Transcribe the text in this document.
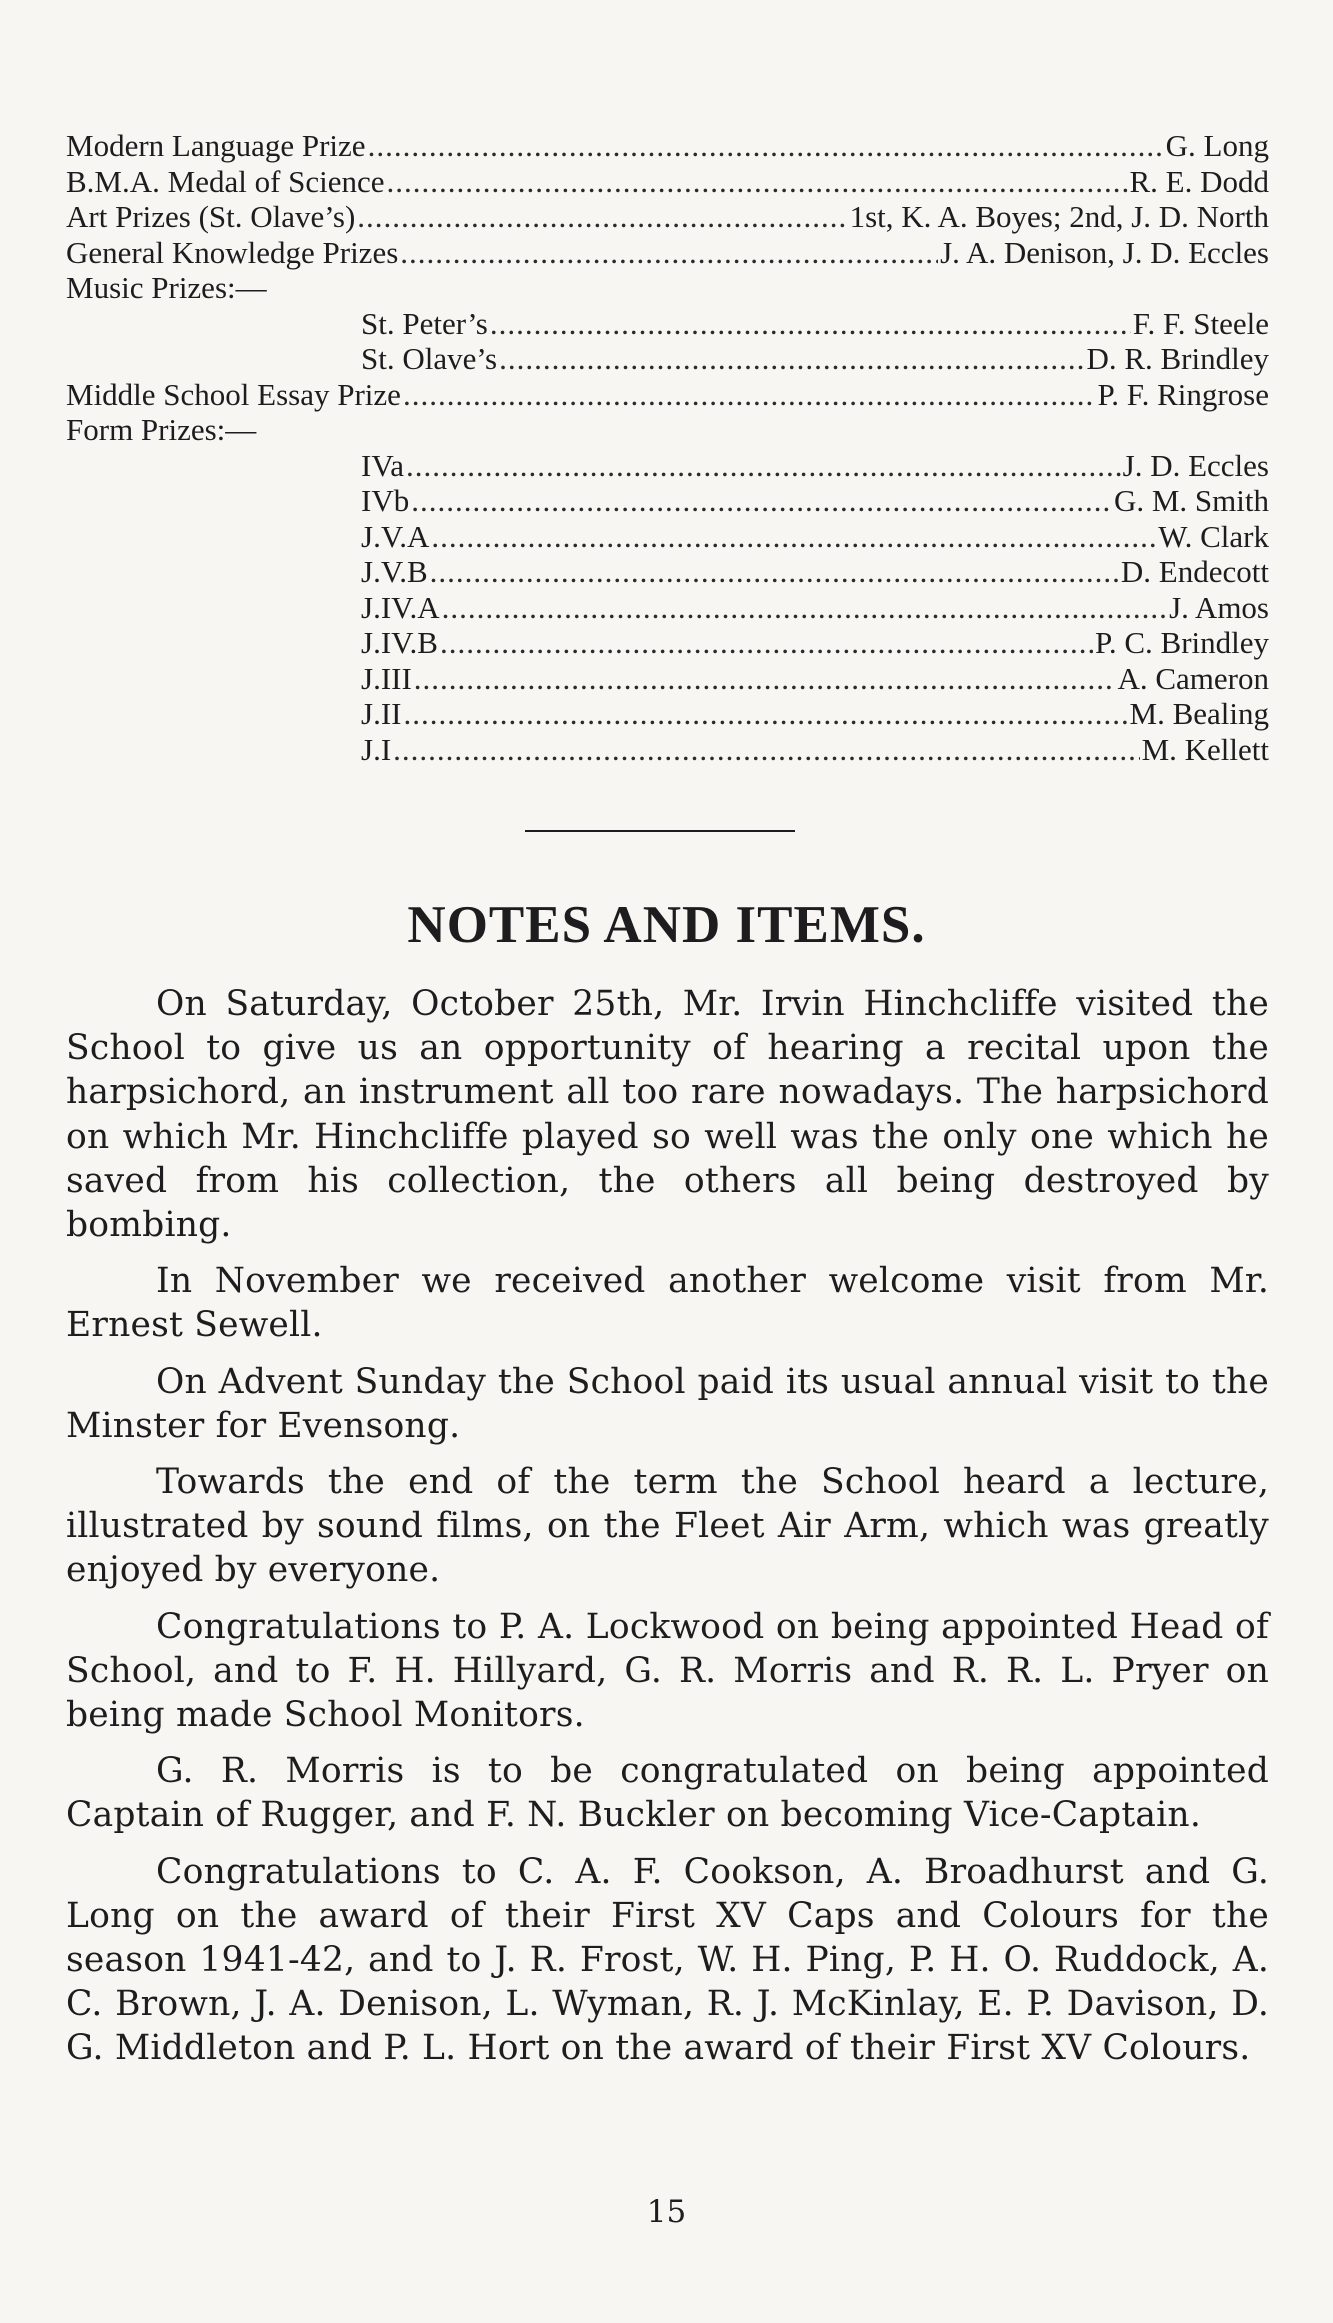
Modern Language Prize .....	G. Long
B.M.A. Medal of Science .....	R. E. Dodd
Art Prizes (St. Olave’s) .....	1st, K. A. Boyes; 2nd, J. D. North
General Knowledge Prizes .....	J. A. Denison, J. D. Eccles
Music Prizes:—
St. Peter’s .....	F. F. Steele
St. Olave’s .....	D. R. Brindley
Middle School Essay Prize .....	P. F. Ringrose
Form Prizes:—
IVa .....	J. D. Eccles
IVb .....	G. M. Smith
J.V.A .....	W. Clark
J.V.B .....	D. Endecott
J.IV.A .....	J. Amos
J.IV.B .....	P. C. Brindley
J.III .....	A. Cameron
J.II .....	M. Bealing
J.I .....	M. Kellett
NOTES AND ITEMS.

On Saturday, October 25th, Mr. Irvin Hinchcliffe visited the School to give us an opportunity of hearing a recital upon the harpsichord, an instrument all too rare nowadays. The harpsichord on which Mr. Hinchcliffe played so well was the only one which he saved from his collection, the others all being destroyed by bombing.

In November we received another welcome visit from Mr. Ernest Sewell.

On Advent Sunday the School paid its usual annual visit to the Minster for Evensong.

Towards the end of the term the School heard a lecture, illustrated by sound films, on the Fleet Air Arm, which was greatly enjoyed by everyone.

Congratulations to P. A. Lockwood on being appointed Head of School, and to F. H. Hillyard, G. R. Morris and R. R. L. Pryer on being made School Monitors.

G. R. Morris is to be congratulated on being appointed Captain of Rugger, and F. N. Buckler on becoming Vice-Captain.

Congratulations to C. A. F. Cookson, A. Broadhurst and G. Long on the award of their First XV Caps and Colours for the season 1941-42, and to J. R. Frost, W. H. Ping, P. H. O. Ruddock, A. C. Brown, J. A. Denison, L. Wyman, R. J. McKinlay, E. P. Davison, D. G. Middleton and P. L. Hort on the award of their First XV Colours.

15
